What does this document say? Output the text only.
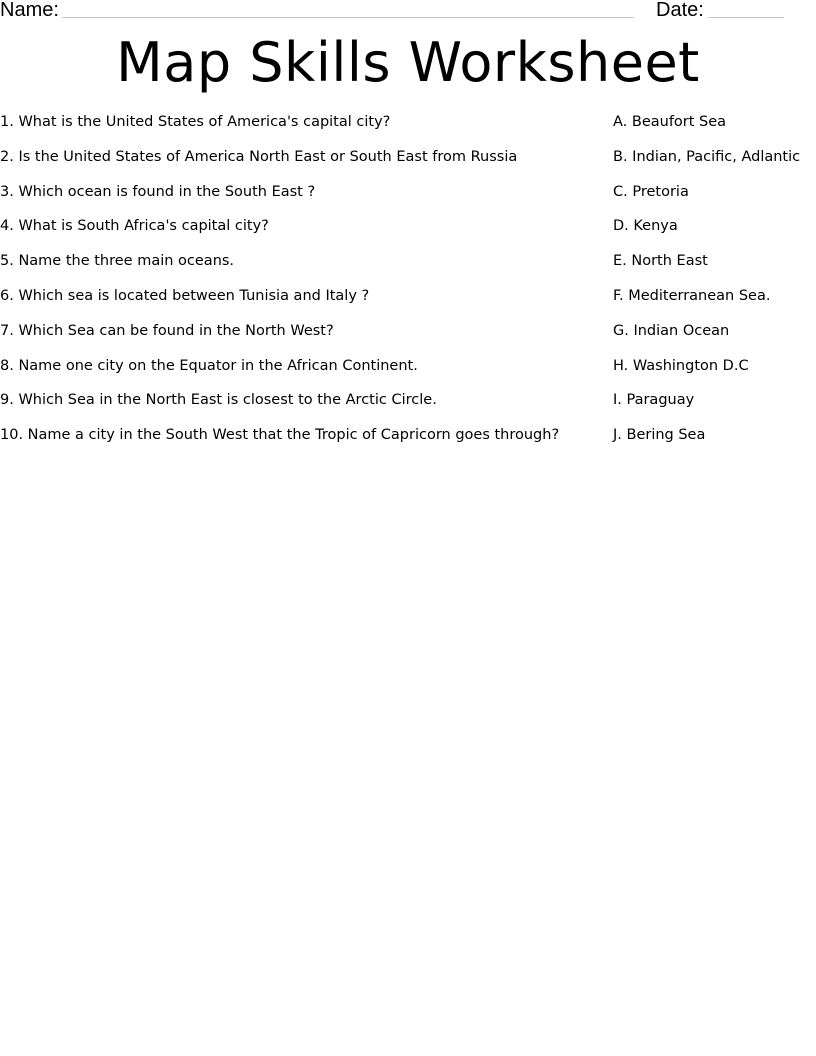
Name:	Date:
Map Skills Worksheet
1. What is the United States of America's capital city?
2. Is the United States of America North East or South East from Russia
3. Which ocean is found in the South East ?
4. What is South Africa's capital city?
5. Name the three main oceans.
6. Which sea is located between Tunisia and Italy ?
7. Which Sea can be found in the North West?
8. Name one city on the Equator in the African Continent.
9. Which Sea in the North East is closest to the Arctic Circle.
10. Name a city in the South West that the Tropic of Capricorn goes through?
A. Beaufort Sea
B. Indian, Pacific, Adlantic
C. Pretoria
D. Kenya
E. North East
F. Mediterranean Sea.
G. Indian Ocean
H. Washington D.C
I. Paraguay
J. Bering Sea
